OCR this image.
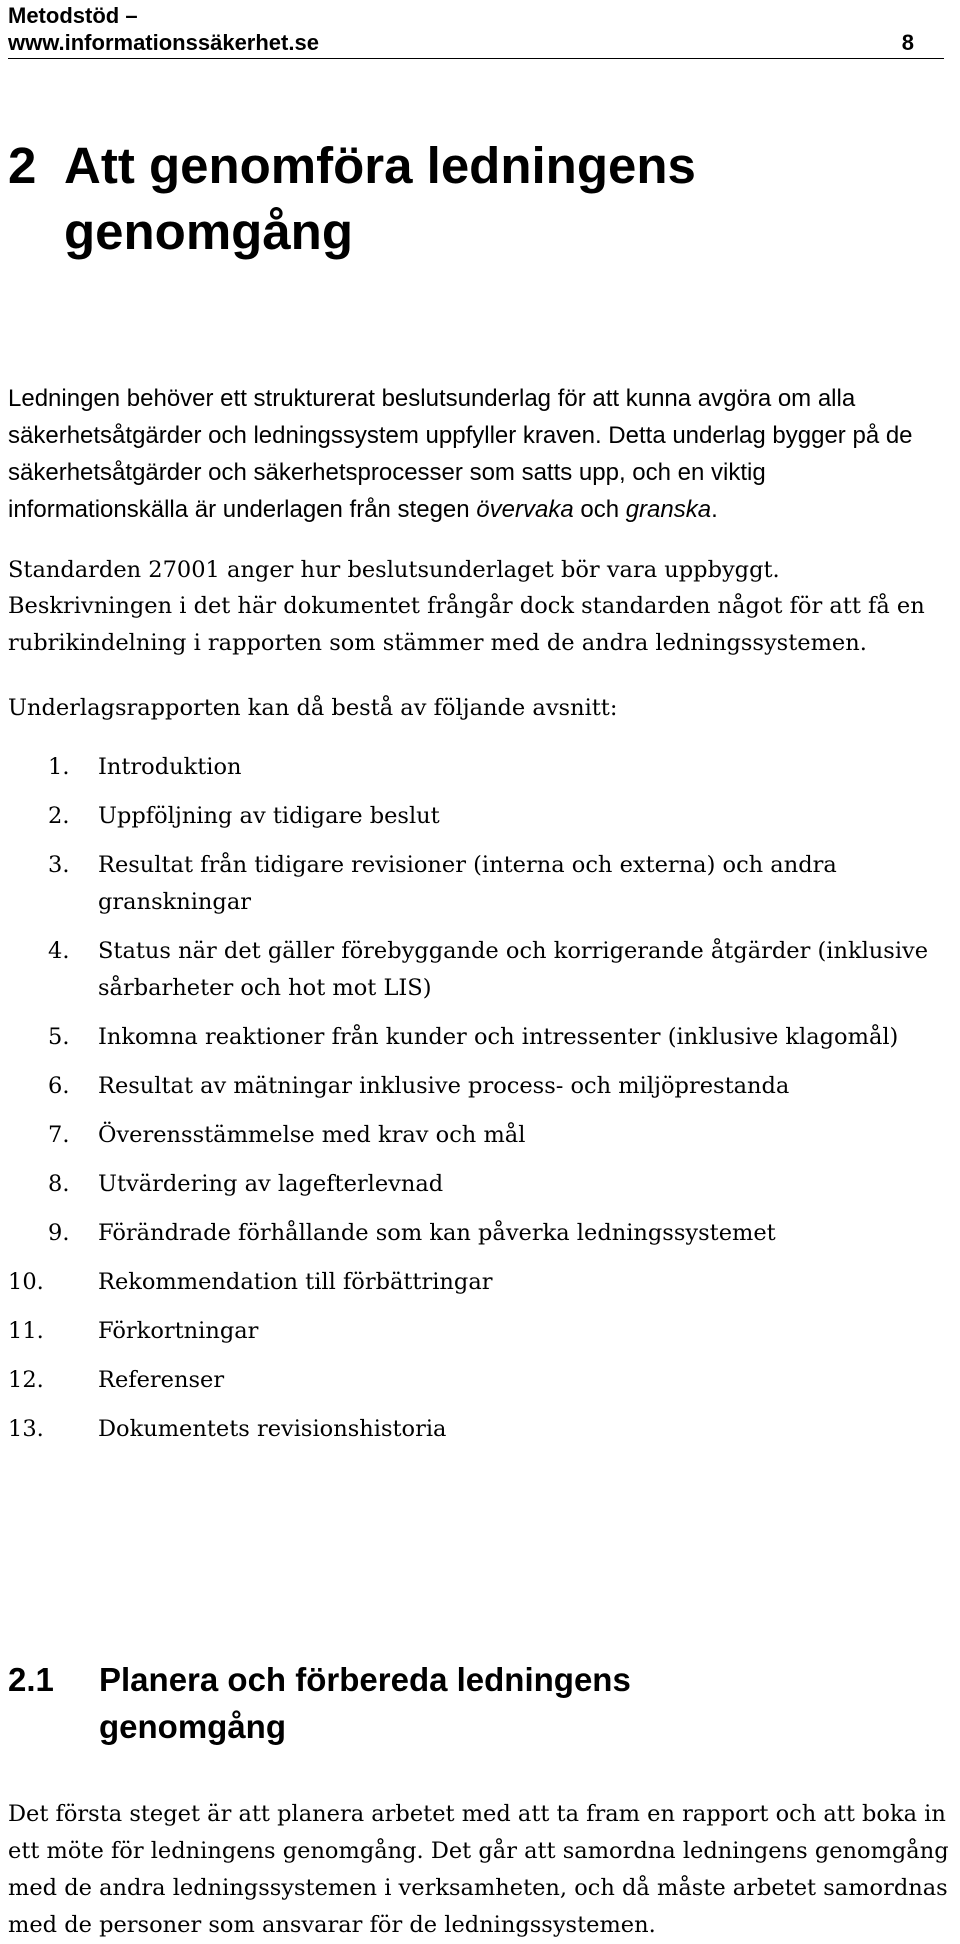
Metodstöd –
www.informationssäkerhet.se	8
2 Att genomföra ledningens
genomgång
Ledningen behöver ett strukturerat beslutsunderlag för att kunna avgöra om alla säkerhetsåtgärder och ledningssystem uppfyller kraven. Detta underlag bygger på de säkerhetsåtgärder och säkerhetsprocesser som satts upp, och en viktig informationskälla är underlagen från stegen övervaka och granska.
Standarden 27001 anger hur beslutsunderlaget bör vara uppbyggt.
Beskrivningen i det här dokumentet frångår dock standarden något för att få en rubrikindelning i rapporten som stämmer med de andra ledningssystemen.
Underlagsrapporten kan då bestå av följande avsnitt:
1. Introduktion
2. Uppföljning av tidigare beslut
3. Resultat från tidigare revisioner (interna och externa) och andra granskningar
4. Status när det gäller förebyggande och korrigerande åtgärder (inklusive sårbarheter och hot mot LIS)
5. Inkomna reaktioner från kunder och intressenter (inklusive klagomål)
6. Resultat av mätningar inklusive process- och miljöprestanda
7. Överensstämmelse med krav och mål
8. Utvärdering av lagefterlevnad
9. Förändrade förhållande som kan påverka ledningssystemet
10. Rekommendation till förbättringar
11. Förkortningar
12. Referenser
13. Dokumentets revisionshistoria
2.1	Planera och förbereda ledningens
genomgång
Det första steget är att planera arbetet med att ta fram en rapport och att boka in ett möte för ledningens genomgång. Det går att samordna ledningens genomgång med de andra ledningssystemen i verksamheten, och då måste arbetet samordnas med de personer som ansvarar för de ledningssystemen.
